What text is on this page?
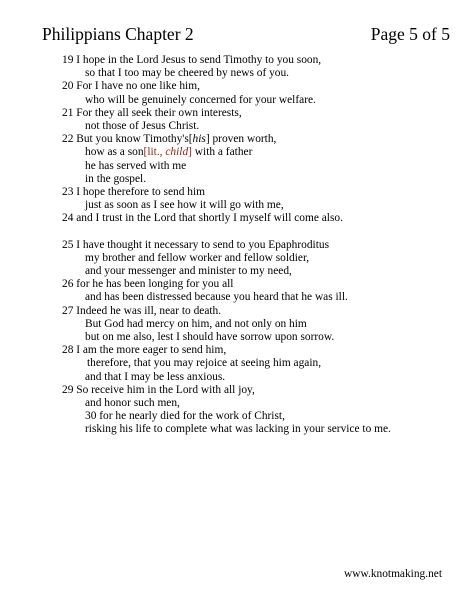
Philippians Chapter 2	Page 5 of 5
19 I hope in the Lord Jesus to send Timothy to you soon,
so that I too may be cheered by news of you.
20 For I have no one like him,
who will be genuinely concerned for your welfare.
21 For they all seek their own interests,
not those of Jesus Christ.
22 But you know Timothy's[his] proven worth,
how as a son[lit., child] with a father
he has served with me
in the gospel.
23 I hope therefore to send him
just as soon as I see how it will go with me,
24 and I trust in the Lord that shortly I myself will come also.
25 I have thought it necessary to send to you Epaphroditus
my brother and fellow worker and fellow soldier,
and your messenger and minister to my need,
26 for he has been longing for you all
and has been distressed because you heard that he was ill.
27 Indeed he was ill, near to death.
But God had mercy on him, and not only on him
but on me also, lest I should have sorrow upon sorrow.
28 I am the more eager to send him,
therefore, that you may rejoice at seeing him again,
and that I may be less anxious.
29 So receive him in the Lord with all joy,
and honor such men,
30 for he nearly died for the work of Christ,
risking his life to complete what was lacking in your service to me.
www.knotmaking.net
